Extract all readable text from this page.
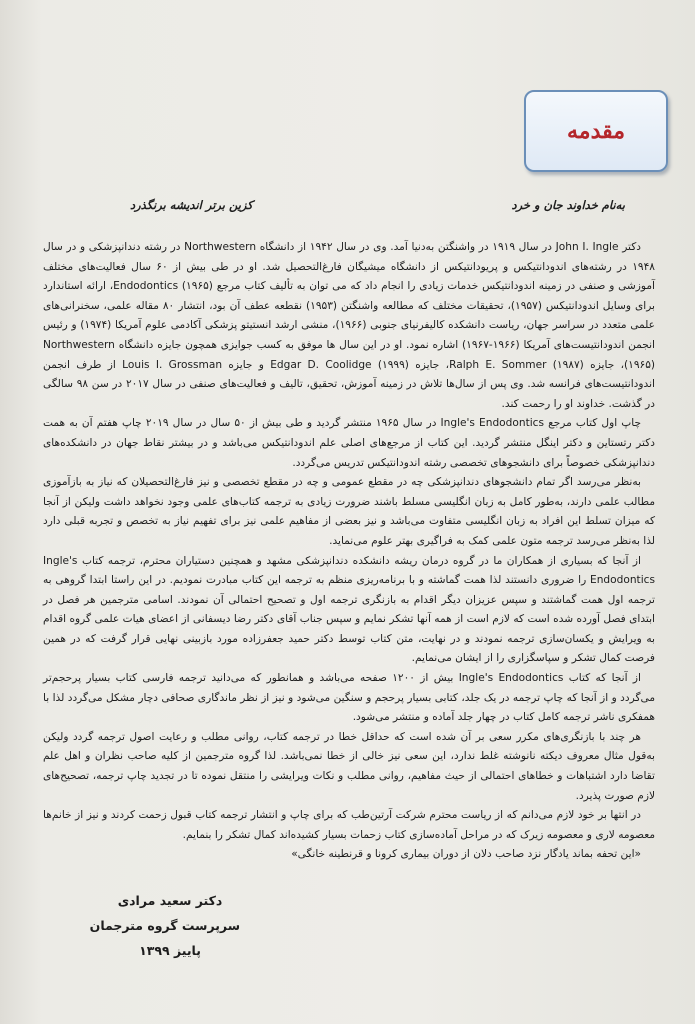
مقدمه
به‌نام خداوند جان و خرد
کزین برتر اندیشه برنگذرد

دکتر John I. Ingle در سال ۱۹۱۹ در واشنگتن به‌دنیا آمد. وی در سال ۱۹۴۲ از دانشگاه Northwestern در رشته دندانپزشکی و در سال ۱۹۴۸ در رشته‌های اندودانتیکس و پریودانتیکس از دانشگاه میشیگان فارغ‌التحصیل شد. او در طی بیش از ۶۰ سال فعالیت‌های مختلف آموزشی و صنفی در زمینه اندودانتیکس خدمات زیادی را انجام داد که می توان به تألیف کتاب مرجع Endodontics (۱۹۶۵)، ارائه استاندارد برای وسایل اندودانتیکس (۱۹۵۷)، تحقیقات مختلف که مطالعه واشنگتن (۱۹۵۳) نقطعه عطف آن بود، انتشار ۸۰ مقاله علمی، سخنرانی‌های علمی متعدد در سراسر جهان، ریاست دانشکده کالیفرنیای جنوبی (۱۹۶۶)، منشی ارشد انستیتو پزشکی آکادمی علوم آمریکا (۱۹۷۴) و رئیس انجمن اندودانتیست‌های آمریکا (۱۹۶۶-۱۹۶۷) اشاره نمود. او در این سال ها موفق به کسب جوایزی همچون جایزه دانشگاه Northwestern (۱۹۶۵)، جایزه Ralph E. Sommer (۱۹۸۷)، جایزه Edgar D. Coolidge (۱۹۹۹) و جایزه Louis I. Grossman از طرف انجمن اندودانتیست‌های فرانسه شد. وی پس از سال‌ها تلاش در زمینه آموزش، تحقیق، تالیف و فعالیت‌های صنفی در سال ۲۰۱۷ در سن ۹۸ سالگی در گذشت. خداوند او را رحمت کند.

چاپ اول کتاب مرجع Ingle's Endodontics در سال ۱۹۶۵ منتشر گردید و طی بیش از ۵۰ سال در سال ۲۰۱۹ چاپ هفتم آن به همت دکتر رتستاین و دکتر اینگل منتشر گردید. این کتاب از مرجع‌های اصلی علم اندودانتیکس می‌باشد و در بیشتر نقاط جهان در دانشکده‌های دندانپزشکی خصوصاً برای دانشجوهای تخصصی رشته اندودانتیکس تدریس می‌گردد.

به‌نظر می‌رسد اگر تمام دانشجوهای دندانپزشکی چه در مقطع عمومی و چه در مقطع تخصصی و نیز فارغ‌التحصیلان که نیاز به بازآموزی مطالب علمی دارند، به‌طور کامل به زبان انگلیسی مسلط باشند ضرورت زیادی به ترجمه کتاب‌های علمی وجود نخواهد داشت ولیکن از آنجا که میزان تسلط این افراد به زبان انگلیسی متفاوت می‌باشد و نیز بعضی از مفاهیم علمی نیز برای تفهیم نیاز به تخصص و تجربه قبلی دارد لذا به‌نظر می‌رسد ترجمه متون علمی کمک به فراگیری بهتر علوم می‌نماید.

از آنجا که بسیاری از همکاران ما در گروه درمان ریشه دانشکده دندانپزشکی مشهد و همچنین دستیاران محترم، ترجمه کتاب Ingle's Endodontics را ضروری دانستند لذا همت گماشته و با برنامه‌ریزی منظم به ترجمه این کتاب مبادرت نمودیم. در این راستا ابتدا گروهی به ترجمه اول همت گماشتند و سپس عزیزان دیگر اقدام به بازنگری ترجمه اول و تصحیح احتمالی آن نمودند. اسامی مترجمین هر فصل در ابتدای فصل آورده شده است که لازم است از همه آنها تشکر نمایم و سپس جناب آقای دکتر رضا دیسفانی از اعضای هیات علمی گروه اقدام به ویرایش و یکسان‌سازی ترجمه نمودند و در نهایت، متن کتاب توسط دکتر حمید جعفرزاده مورد بازبینی نهایی قرار گرفت که در همین فرصت کمال تشکر و سپاسگزاری را از ایشان می‌نمایم.

از آنجا که کتاب Ingle's Endodontics بیش از ۱۲۰۰ صفحه می‌باشد و همانطور که می‌دانید ترجمه فارسی کتاب بسیار پرحجم‌تر می‌گردد و از آنجا که چاپ ترجمه در یک جلد، کتابی بسیار پرحجم و سنگین می‌شود و نیز از نظر ماندگاری صحافی دچار مشکل می‌گردد لذا با همفکری ناشر ترجمه کامل کتاب در چهار جلد آماده و منتشر می‌شود.

هر چند با بازنگری‌های مکرر سعی بر آن شده است که حداقل خطا در ترجمه کتاب، روانی مطلب و رعایت اصول ترجمه گردد ولیکن به‌قول مثال معروف دیکته نانوشته غلط ندارد، این سعی نیز خالی از خطا نمی‌باشد. لذا گروه مترجمین از کلیه صاحب نظران و اهل علم تقاضا دارد اشتباهات و خطاهای احتمالی از حیث مفاهیم، روانی مطلب و نکات ویرایشی را منتقل نموده تا در تجدید چاپ ترجمه، تصحیح‌های لازم صورت پذیرد.

در انتها بر خود لازم می‌دانم که از ریاست محترم شرکت آرتین‌طب که برای چاپ و انتشار ترجمه کتاب قبول زحمت کردند و نیز از خانم‌ها معصومه لاری و معصومه زیرک که در مراحل آماده‌سازی کتاب زحمات بسیار کشیده‌اند کمال تشکر را بنمایم.

«این تحفه بماند یادگار نزد صاحب دلان از دوران بیماری کرونا و قرنطینه خانگی»

دکتر سعید مرادی
سرپرست گروه مترجمان
پاییز ۱۳۹۹
